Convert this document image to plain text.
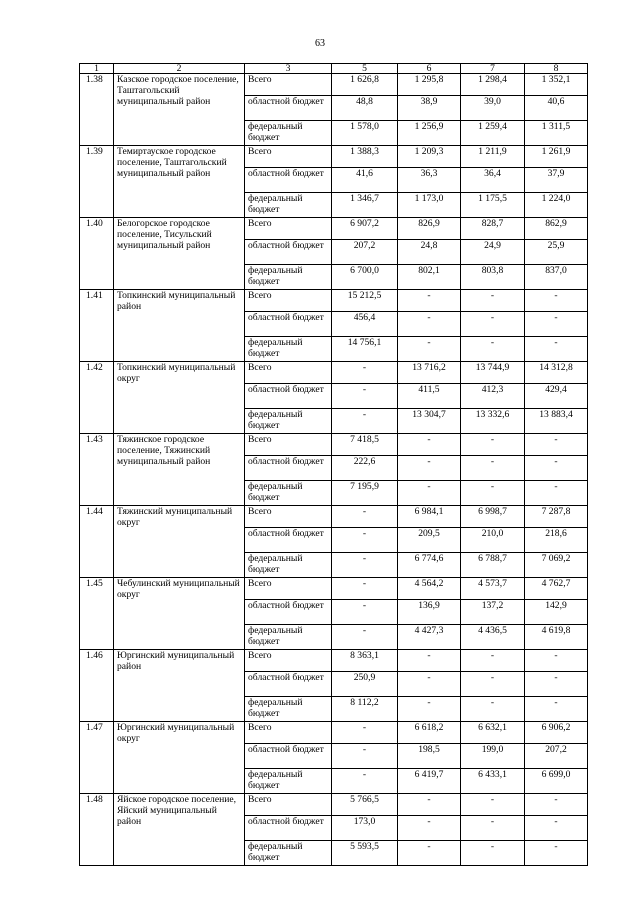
63
1	2	3	5	6	7	8
1.38	Казское городское поселение, Таштагольский муниципальный район	Всего	1 626,8	1 295,8	1 298,4	1 352,1
		областной бюджет	48,8	38,9	39,0	40,6
		федеральный бюджет	1 578,0	1 256,9	1 259,4	1 311,5
1.39	Темиртауское городское поселение, Таштагольский муниципальный район	Всего	1 388,3	1 209,3	1 211,9	1 261,9
		областной бюджет	41,6	36,3	36,4	37,9
		федеральный бюджет	1 346,7	1 173,0	1 175,5	1 224,0
1.40	Белогорское городское поселение, Тисульский муниципальный район	Всего	6 907,2	826,9	828,7	862,9
		областной бюджет	207,2	24,8	24,9	25,9
		федеральный бюджет	6 700,0	802,1	803,8	837,0
1.41	Топкинский муниципальный район	Всего	15 212,5	-	-	-
		областной бюджет	456,4	-	-	-
		федеральный бюджет	14 756,1	-	-	-
1.42	Топкинский муниципальный округ	Всего	-	13 716,2	13 744,9	14 312,8
		областной бюджет	-	411,5	412,3	429,4
		федеральный бюджет	-	13 304,7	13 332,6	13 883,4
1.43	Тяжинское городское поселение, Тяжинский муниципальный район	Всего	7 418,5	-	-	-
		областной бюджет	222,6	-	-	-
		федеральный бюджет	7 195,9	-	-	-
1.44	Тяжинский муниципальный округ	Всего	-	6 984,1	6 998,7	7 287,8
		областной бюджет	-	209,5	210,0	218,6
		федеральный бюджет	-	6 774,6	6 788,7	7 069,2
1.45	Чебулинский муниципальный округ	Всего	-	4 564,2	4 573,7	4 762,7
		областной бюджет	-	136,9	137,2	142,9
		федеральный бюджет	-	4 427,3	4 436,5	4 619,8
1.46	Юргинский муниципальный район	Всего	8 363,1	-	-	-
		областной бюджет	250,9	-	-	-
		федеральный бюджет	8 112,2	-	-	-
1.47	Юргинский муниципальный округ	Всего	-	6 618,2	6 632,1	6 906,2
		областной бюджет	-	198,5	199,0	207,2
		федеральный бюджет	-	6 419,7	6 433,1	6 699,0
1.48	Яйское городское поселение, Яйский муниципальный район	Всего	5 766,5	-	-	-
		областной бюджет	173,0	-	-	-
		федеральный бюджет	5 593,5	-	-	-
